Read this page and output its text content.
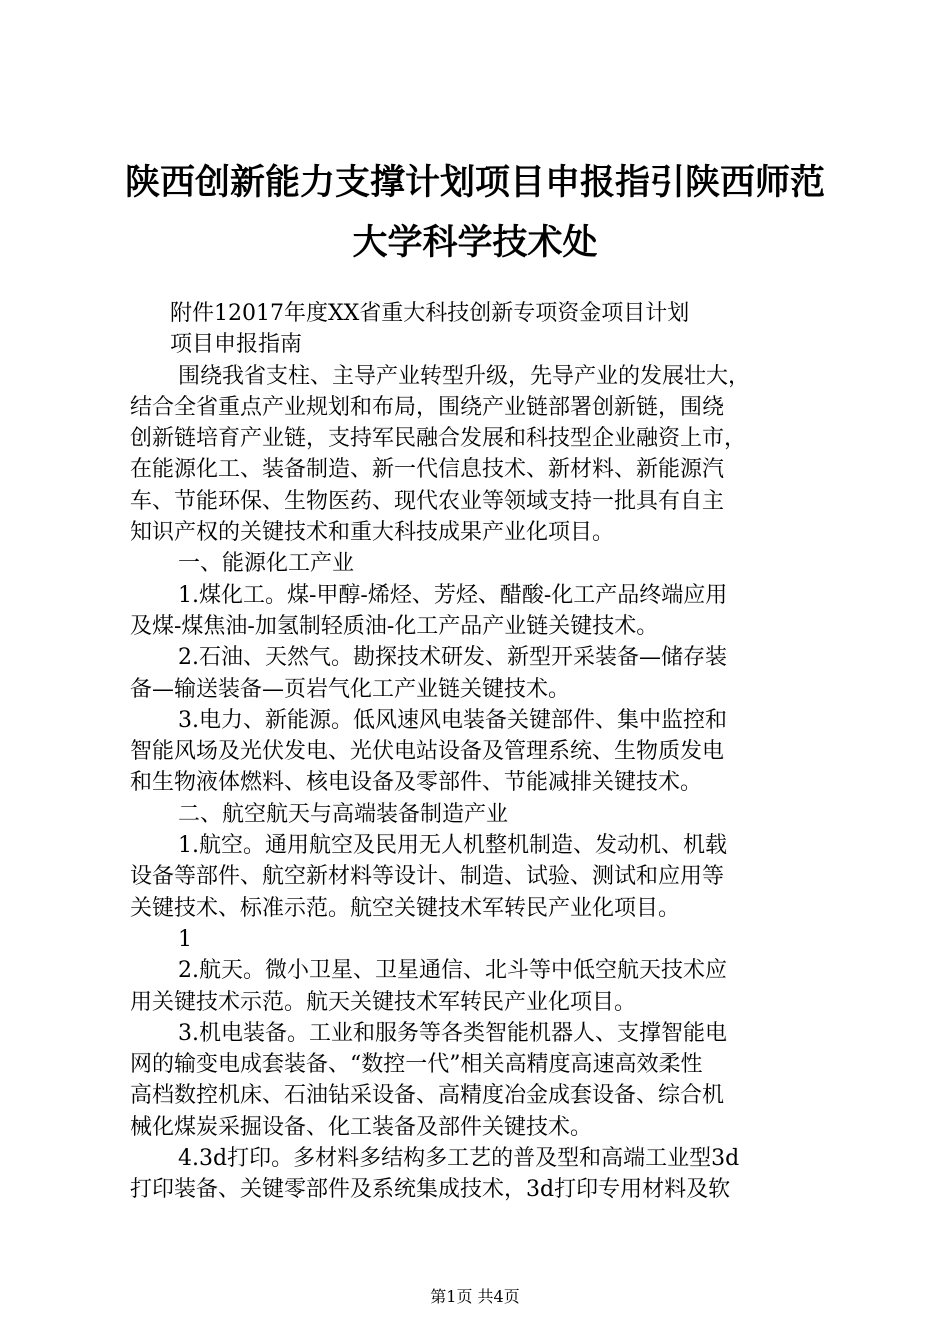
陕西创新能力支撑计划项目申报指引陕西师范
大学科学技术处
附件12017年度XX省重大科技创新专项资金项目计划
项目申报指南
围绕我省支柱、主导产业转型升级，先导产业的发展壮大，
结合全省重点产业规划和布局，围绕产业链部署创新链，围绕
创新链培育产业链，支持军民融合发展和科技型企业融资上市，
在能源化工、装备制造、新一代信息技术、新材料、新能源汽
车、节能环保、生物医药、现代农业等领域支持一批具有自主
知识产权的关键技术和重大科技成果产业化项目。
一、能源化工产业
1.煤化工。煤-甲醇-烯烃、芳烃、醋酸-化工产品终端应用
及煤-煤焦油-加氢制轻质油-化工产品产业链关键技术。
2.石油、天然气。勘探技术研发、新型开采装备—储存装
备—输送装备—页岩气化工产业链关键技术。
3.电力、新能源。低风速风电装备关键部件、集中监控和
智能风场及光伏发电、光伏电站设备及管理系统、生物质发电
和生物液体燃料、核电设备及零部件、节能减排关键技术。
二、航空航天与高端装备制造产业
1.航空。通用航空及民用无人机整机制造、发动机、机载
设备等部件、航空新材料等设计、制造、试验、测试和应用等
关键技术、标准示范。航空关键技术军转民产业化项目。
1
2.航天。微小卫星、卫星通信、北斗等中低空航天技术应
用关键技术示范。航天关键技术军转民产业化项目。
3.机电装备。工业和服务等各类智能机器人、支撑智能电
网的输变电成套装备、“数控一代”相关高精度高速高效柔性
高档数控机床、石油钻采设备、高精度冶金成套设备、综合机
械化煤炭采掘设备、化工装备及部件关键技术。
4.3d打印。多材料多结构多工艺的普及型和高端工业型3d
打印装备、关键零部件及系统集成技术，3d打印专用材料及软
第1页 共4页
